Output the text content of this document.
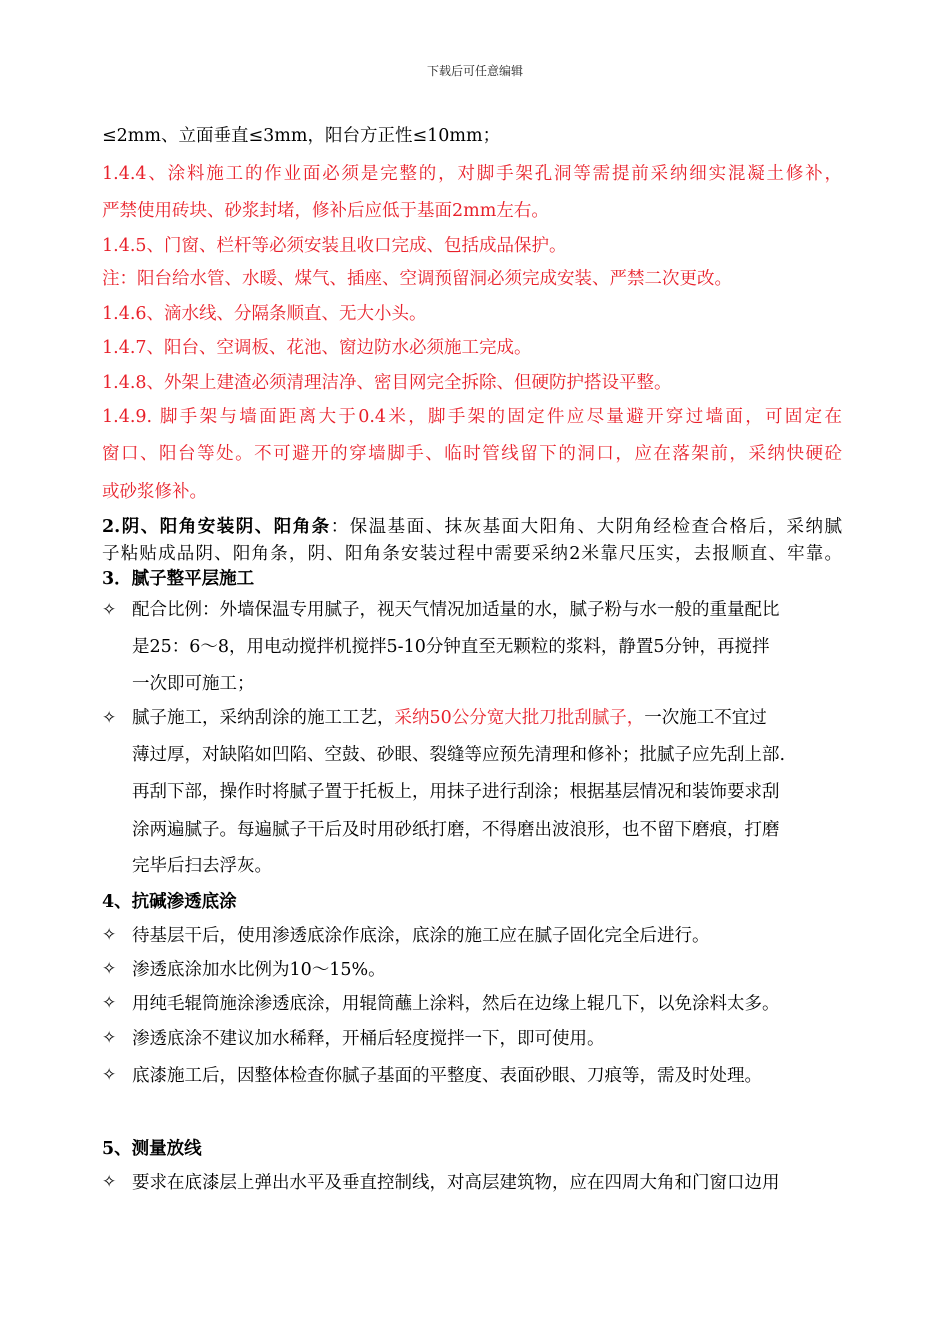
下载后可任意编辑
≤2mm、立面垂直≤3mm，阳台方正性≤10mm；
1.4.4、涂料施工的作业面必须是完整的，对脚手架孔洞等需提前采纳细实混凝土修补，
严禁使用砖块、砂浆封堵，修补后应低于基面2mm左右。
1.4.5、门窗、栏杆等必须安装且收口完成、包括成品保护。
注：阳台给水管、水暖、煤气、插座、空调预留洞必须完成安装、严禁二次更改。
1.4.6、滴水线、分隔条顺直、无大小头。
1.4.7、阳台、空调板、花池、窗边防水必须施工完成。
1.4.8、外架上建渣必须清理洁净、密目网完全拆除、但硬防护搭设平整。
1.4.9. 脚手架与墙面距离大于0.4米，脚手架的固定件应尽量避开穿过墙面，可固定在
窗口、阳台等处。不可避开的穿墙脚手、临时管线留下的洞口，应在落架前，采纳快硬砼
或砂浆修补。
2.阴、阳角安装阴、阳角条：保温基面、抹灰基面大阳角、大阴角经检查合格后，采纳腻
子粘贴成品阴、阳角条，阴、阳角条安装过程中需要采纳2米靠尺压实，去报顺直、牢靠。
3．腻子整平层施工
✧ 配合比例：外墙保温专用腻子，视天气情况加适量的水，腻子粉与水一般的重量配比
是25：6～8，用电动搅拌机搅拌5-10分钟直至无颗粒的浆料，静置5分钟，再搅拌
一次即可施工；
✧ 腻子施工，采纳刮涂的施工工艺，采纳50公分宽大批刀批刮腻子，一次施工不宜过
薄过厚，对缺陷如凹陷、空鼓、砂眼、裂缝等应预先清理和修补；批腻子应先刮上部.
再刮下部，操作时将腻子置于托板上，用抹子进行刮涂；根据基层情况和装饰要求刮
涂两遍腻子。每遍腻子干后及时用砂纸打磨，不得磨出波浪形，也不留下磨痕，打磨
完毕后扫去浮灰。
4、抗碱渗透底涂
✧ 待基层干后，使用渗透底涂作底涂，底涂的施工应在腻子固化完全后进行。
✧ 渗透底涂加水比例为10～15%。
✧ 用纯毛辊筒施涂渗透底涂，用辊筒蘸上涂料，然后在边缘上辊几下，以免涂料太多。
✧ 渗透底涂不建议加水稀释，开桶后轻度搅拌一下，即可使用。
✧ 底漆施工后，因整体检查你腻子基面的平整度、表面砂眼、刀痕等，需及时处理。
5、测量放线
✧ 要求在底漆层上弹出水平及垂直控制线，对高层建筑物，应在四周大角和门窗口边用
